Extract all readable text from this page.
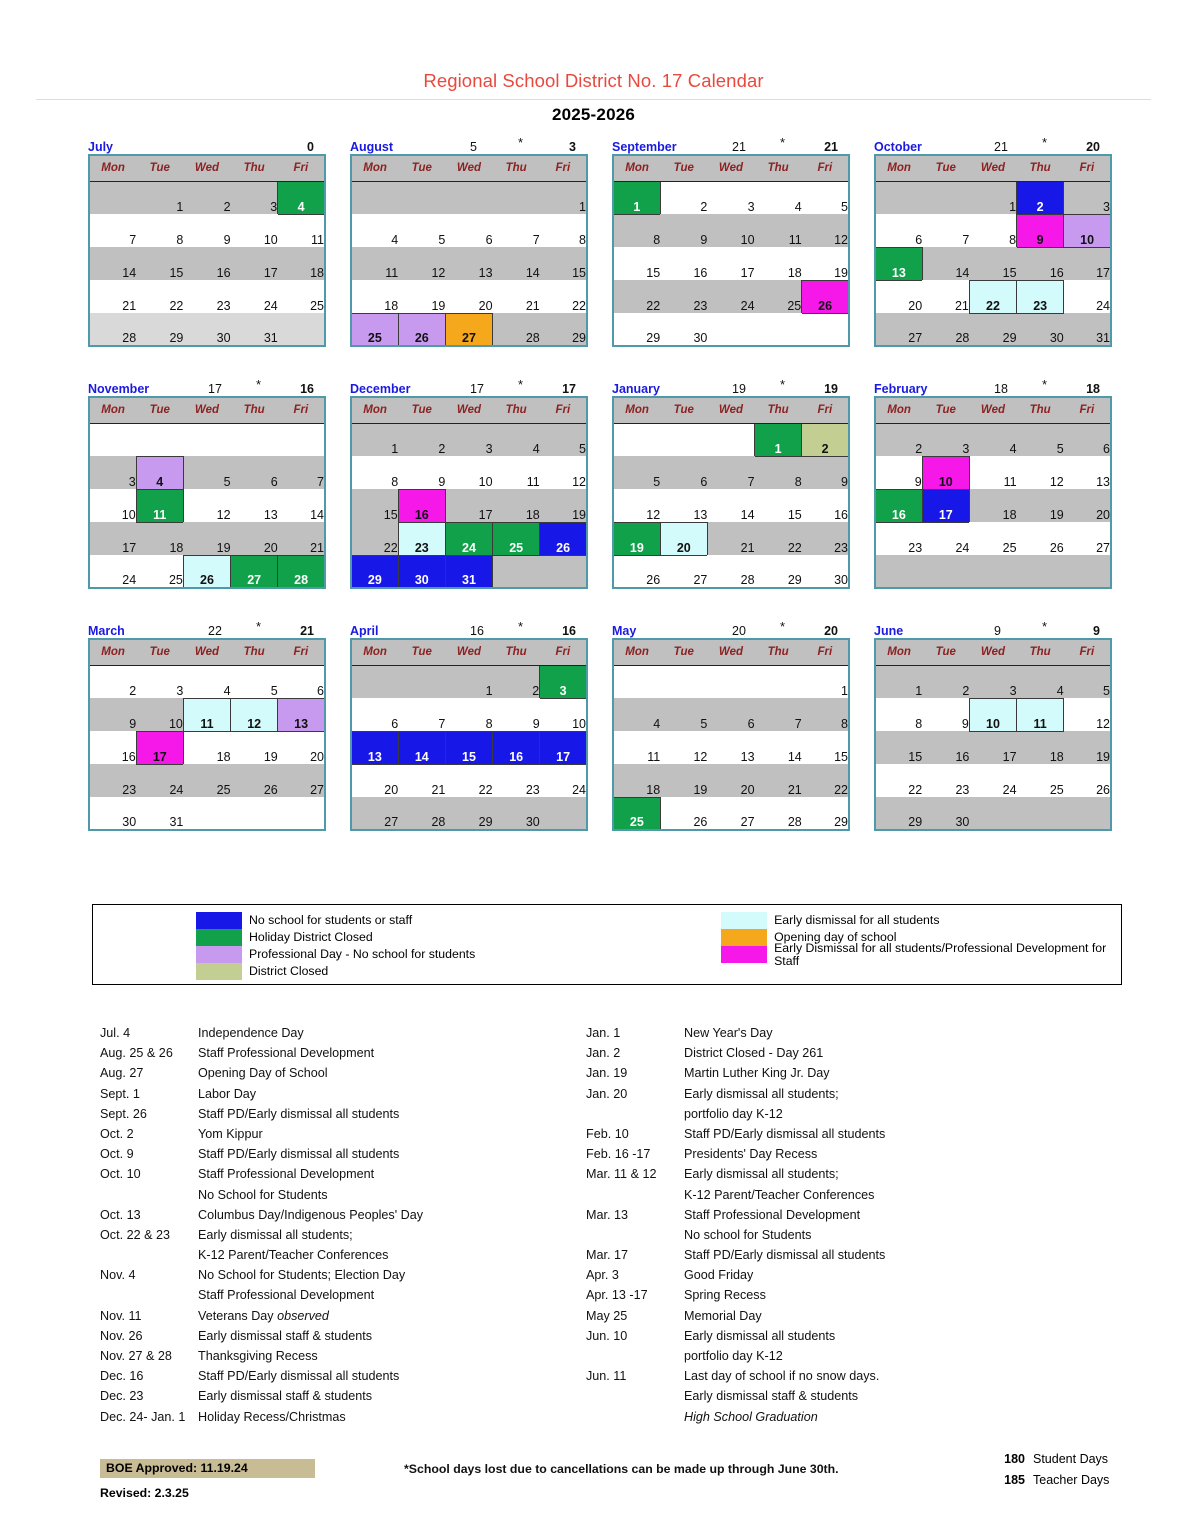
Regional School District No. 17 Calendar
2025-2026
July	0
Mon	Tue	Wed	Thu	Fri
	1	2	3	4
7	8	9	10	11
14	15	16	17	18
21	22	23	24	25
28	29	30	31	
August	5	*	3
Mon	Tue	Wed	Thu	Fri
				1
4	5	6	7	8
11	12	13	14	15
18	19	20	21	22
25	26	27	28	29
September	21	*	21
Mon	Tue	Wed	Thu	Fri
1	2	3	4	5
8	9	10	11	12
15	16	17	18	19
22	23	24	25	26
29	30			
October	21	*	20
Mon	Tue	Wed	Thu	Fri
		1	2	3
6	7	8	9	10
13	14	15	16	17
20	21	22	23	24
27	28	29	30	31
November	17	*	16
Mon	Tue	Wed	Thu	Fri

3	4	5	6	7
10	11	12	13	14
17	18	19	20	21
24	25	26	27	28
December	17	*	17
Mon	Tue	Wed	Thu	Fri
1	2	3	4	5
8	9	10	11	12
15	16	17	18	19
22	23	24	25	26
29	30	31		
January	19	*	19
Mon	Tue	Wed	Thu	Fri
			1	2
5	6	7	8	9
12	13	14	15	16
19	20	21	22	23
26	27	28	29	30
February	18	*	18
Mon	Tue	Wed	Thu	Fri
2	3	4	5	6
9	10	11	12	13
16	17	18	19	20
23	24	25	26	27

March	22	*	21
Mon	Tue	Wed	Thu	Fri
2	3	4	5	6
9	10	11	12	13
16	17	18	19	20
23	24	25	26	27
30	31			
April	16	*	16
Mon	Tue	Wed	Thu	Fri
		1	2	3
6	7	8	9	10
13	14	15	16	17
20	21	22	23	24
27	28	29	30	
May	20	*	20
Mon	Tue	Wed	Thu	Fri
				1
4	5	6	7	8
11	12	13	14	15
18	19	20	21	22
25	26	27	28	29
June	9	*	9
Mon	Tue	Wed	Thu	Fri
1	2	3	4	5
8	9	10	11	12
15	16	17	18	19
22	23	24	25	26
29	30			
No school for students or staff
Holiday District Closed
Professional Day - No school for students
District Closed
Early dismissal for all students
Opening day of school
Early Dismissal for all students/Professional Development for Staff
Jul. 4	Independence Day
Aug. 25 & 26	Staff Professional Development
Aug. 27	Opening Day of School
Sept. 1	Labor Day
Sept. 26	Staff PD/Early dismissal all students
Oct. 2	Yom Kippur
Oct. 9	Staff PD/Early dismissal all students
Oct. 10	Staff Professional Development
No School for Students
Oct. 13	Columbus Day/Indigenous Peoples' Day
Oct. 22 & 23	Early dismissal all students;
K-12 Parent/Teacher Conferences
Nov. 4	No School for Students; Election Day
Staff Professional Development
Nov. 11	Veterans Day observed
Nov. 26	Early dismissal staff & students
Nov. 27 & 28	Thanksgiving Recess
Dec. 16	Staff PD/Early dismissal all students
Dec. 23	Early dismissal staff & students
Dec. 24- Jan. 1 Holiday Recess/Christmas
Jan. 1	New Year's Day
Jan. 2	District Closed - Day 261
Jan. 19	Martin Luther King Jr. Day
Jan. 20	Early dismissal all students;
portfolio day K-12
Feb. 10	Staff PD/Early dismissal all students
Feb. 16 -17	Presidents' Day Recess
Mar. 11 & 12	Early dismissal all students;
K-12 Parent/Teacher Conferences
Mar. 13	Staff Professional Development
No school for Students
Mar. 17	Staff PD/Early dismissal all students
Apr. 3	Good Friday
Apr. 13 -17	Spring Recess
May 25	Memorial Day
Jun. 10	Early dismissal all students
portfolio day K-12
Jun. 11	Last day of school if no snow days.
Early dismissal staff & students
High School Graduation
BOE Approved: 11.19.24
Revised: 2.3.25
*School days lost due to cancellations can be made up through June 30th.
180 Student Days
185 Teacher Days
